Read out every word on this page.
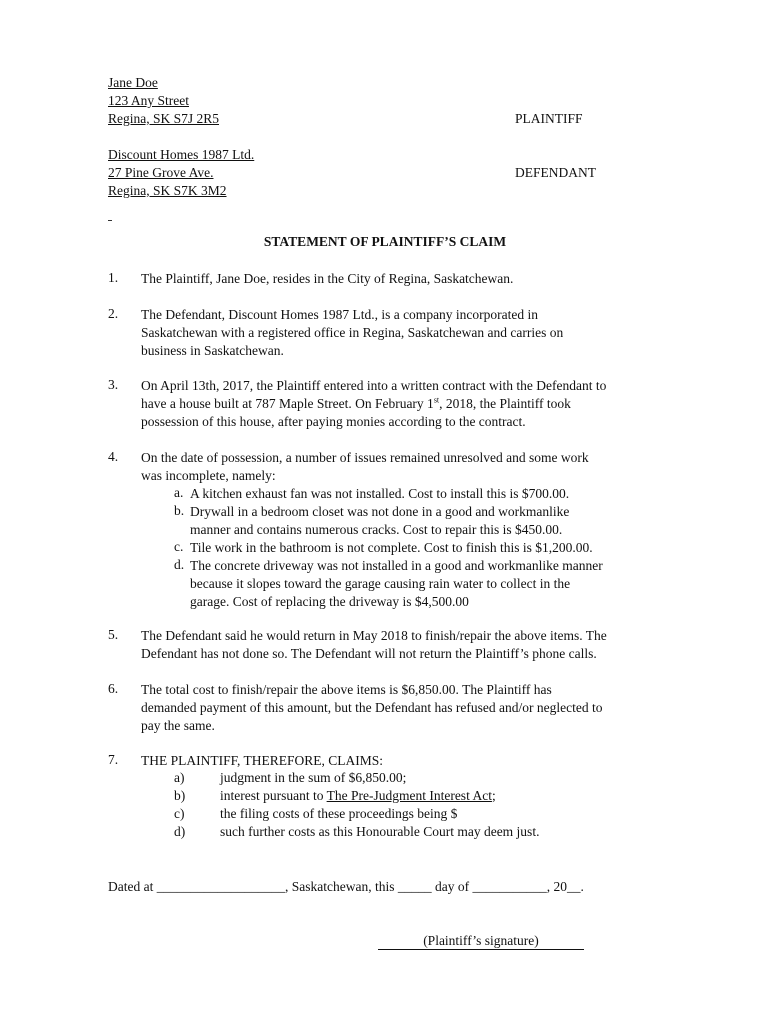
Jane Doe
123 Any Street
Regina, SK S7J 2R5	PLAINTIFF
Discount Homes 1987 Ltd.
27 Pine Grove Ave.
Regina, SK S7K 3M2
DEFENDANT
STATEMENT OF PLAINTIFF’S CLAIM
1. The Plaintiff, Jane Doe, resides in the City of Regina, Saskatchewan.
2. The Defendant, Discount Homes 1987 Ltd., is a company incorporated in
Saskatchewan with a registered office in Regina, Saskatchewan and carries on
business in Saskatchewan.
3. On April 13th, 2017, the Plaintiff entered into a written contract with the Defendant to
have a house built at 787 Maple Street. On February 1st, 2018, the Plaintiff took
possession of this house, after paying monies according to the contract.
4. On the date of possession, a number of issues remained unresolved and some work
was incomplete, namely:
a. A kitchen exhaust fan was not installed. Cost to install this is $700.00.
b. Drywall in a bedroom closet was not done in a good and workmanlike
manner and contains numerous cracks. Cost to repair this is $450.00.
c. Tile work in the bathroom is not complete. Cost to finish this is $1,200.00.
d. The concrete driveway was not installed in a good and workmanlike manner
because it slopes toward the garage causing rain water to collect in the
garage. Cost of replacing the driveway is $4,500.00
5. The Defendant said he would return in May 2018 to finish/repair the above items. The
Defendant has not done so. The Defendant will not return the Plaintiff’s phone calls.
6. The total cost to finish/repair the above items is $6,850.00. The Plaintiff has
demanded payment of this amount, but the Defendant has refused and/or neglected to
pay the same.
7. THE PLAINTIFF, THEREFORE, CLAIMS:
a)	judgment in the sum of $6,850.00;
b)	interest pursuant to The Pre-Judgment Interest Act;
c)	the filing costs of these proceedings being $
d)	such further costs as this Honourable Court may deem just.
Dated at ___________________, Saskatchewan, this _____ day of ___________, 20__.
(Plaintiff’s signature)
